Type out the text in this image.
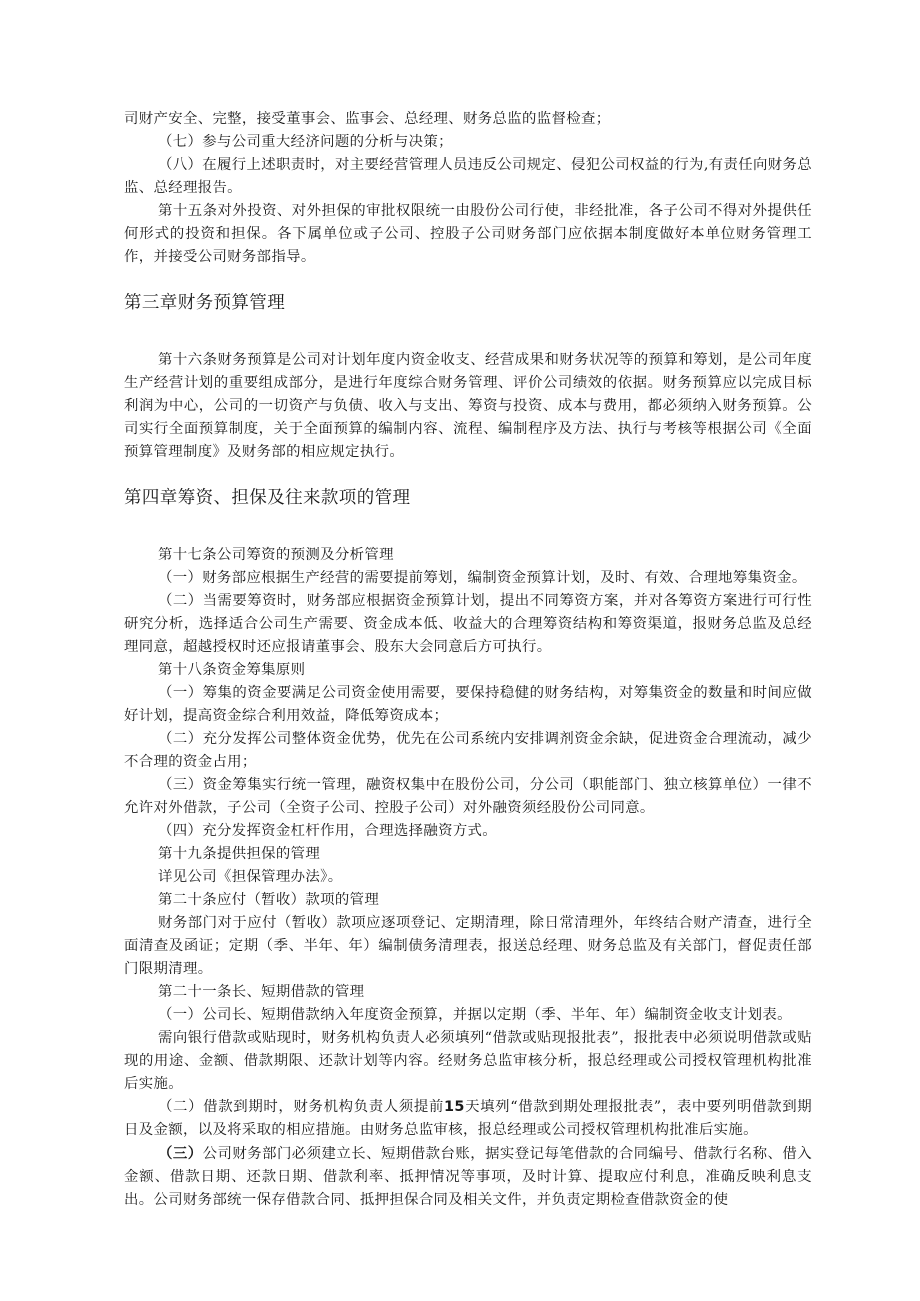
司财产安全、完整，接受董事会、监事会、总经理、财务总监的监督检查；

（七）参与公司重大经济问题的分析与决策；

（八）在履行上述职责时，对主要经营管理人员违反公司规定、侵犯公司权益的行为,有责任向财务总监、总经理报告。

第十五条对外投资、对外担保的审批权限统一由股份公司行使，非经批准，各子公司不得对外提供任何形式的投资和担保。各下属单位或子公司、控股子公司财务部门应依据本制度做好本单位财务管理工作，并接受公司财务部指导。

第三章财务预算管理

第十六条财务预算是公司对计划年度内资金收支、经营成果和财务状况等的预算和筹划，是公司年度生产经营计划的重要组成部分，是进行年度综合财务管理、评价公司绩效的依据。财务预算应以完成目标利润为中心，公司的一切资产与负债、收入与支出、筹资与投资、成本与费用，都必须纳入财务预算。公司实行全面预算制度，关于全面预算的编制内容、流程、编制程序及方法、执行与考核等根据公司《全面预算管理制度》及财务部的相应规定执行。

第四章筹资、担保及往来款项的管理

第十七条公司筹资的预测及分析管理

（一）财务部应根据生产经营的需要提前筹划，编制资金预算计划，及时、有效、合理地筹集资金。

（二）当需要筹资时，财务部应根据资金预算计划，提出不同筹资方案，并对各筹资方案进行可行性研究分析，选择适合公司生产需要、资金成本低、收益大的合理筹资结构和筹资渠道，报财务总监及总经理同意，超越授权时还应报请董事会、股东大会同意后方可执行。

第十八条资金筹集原则

（一）筹集的资金要满足公司资金使用需要，要保持稳健的财务结构，对筹集资金的数量和时间应做好计划，提高资金综合利用效益，降低筹资成本；

（二）充分发挥公司整体资金优势，优先在公司系统内安排调剂资金余缺，促进资金合理流动，减少不合理的资金占用；

（三）资金筹集实行统一管理，融资权集中在股份公司，分公司（职能部门、独立核算单位）一律不允许对外借款，子公司（全资子公司、控股子公司）对外融资须经股份公司同意。

（四）充分发挥资金杠杆作用，合理选择融资方式。

第十九条提供担保的管理

详见公司《担保管理办法》。

第二十条应付（暂收）款项的管理

财务部门对于应付（暂收）款项应逐项登记、定期清理，除日常清理外，年终结合财产清查，进行全面清查及函证；定期（季、半年、年）编制债务清理表，报送总经理、财务总监及有关部门，督促责任部门限期清理。

第二十一条长、短期借款的管理

（一）公司长、短期借款纳入年度资金预算，并据以定期（季、半年、年）编制资金收支计划表。

需向银行借款或贴现时，财务机构负责人必须填列“借款或贴现报批表”，报批表中必须说明借款或贴现的用途、金额、借款期限、还款计划等内容。经财务总监审核分析，报总经理或公司授权管理机构批准后实施。

（二）借款到期时，财务机构负责人须提前15天填列“借款到期处理报批表”，表中要列明借款到期日及金额，以及将采取的相应措施。由财务总监审核，报总经理或公司授权管理机构批准后实施。

（三）公司财务部门必须建立长、短期借款台账，据实登记每笔借款的合同编号、借款行名称、借入金额、借款日期、还款日期、借款利率、抵押情况等事项，及时计算、提取应付利息，准确反映利息支出。公司财务部统一保存借款合同、抵押担保合同及相关文件，并负责定期检查借款资金的使
